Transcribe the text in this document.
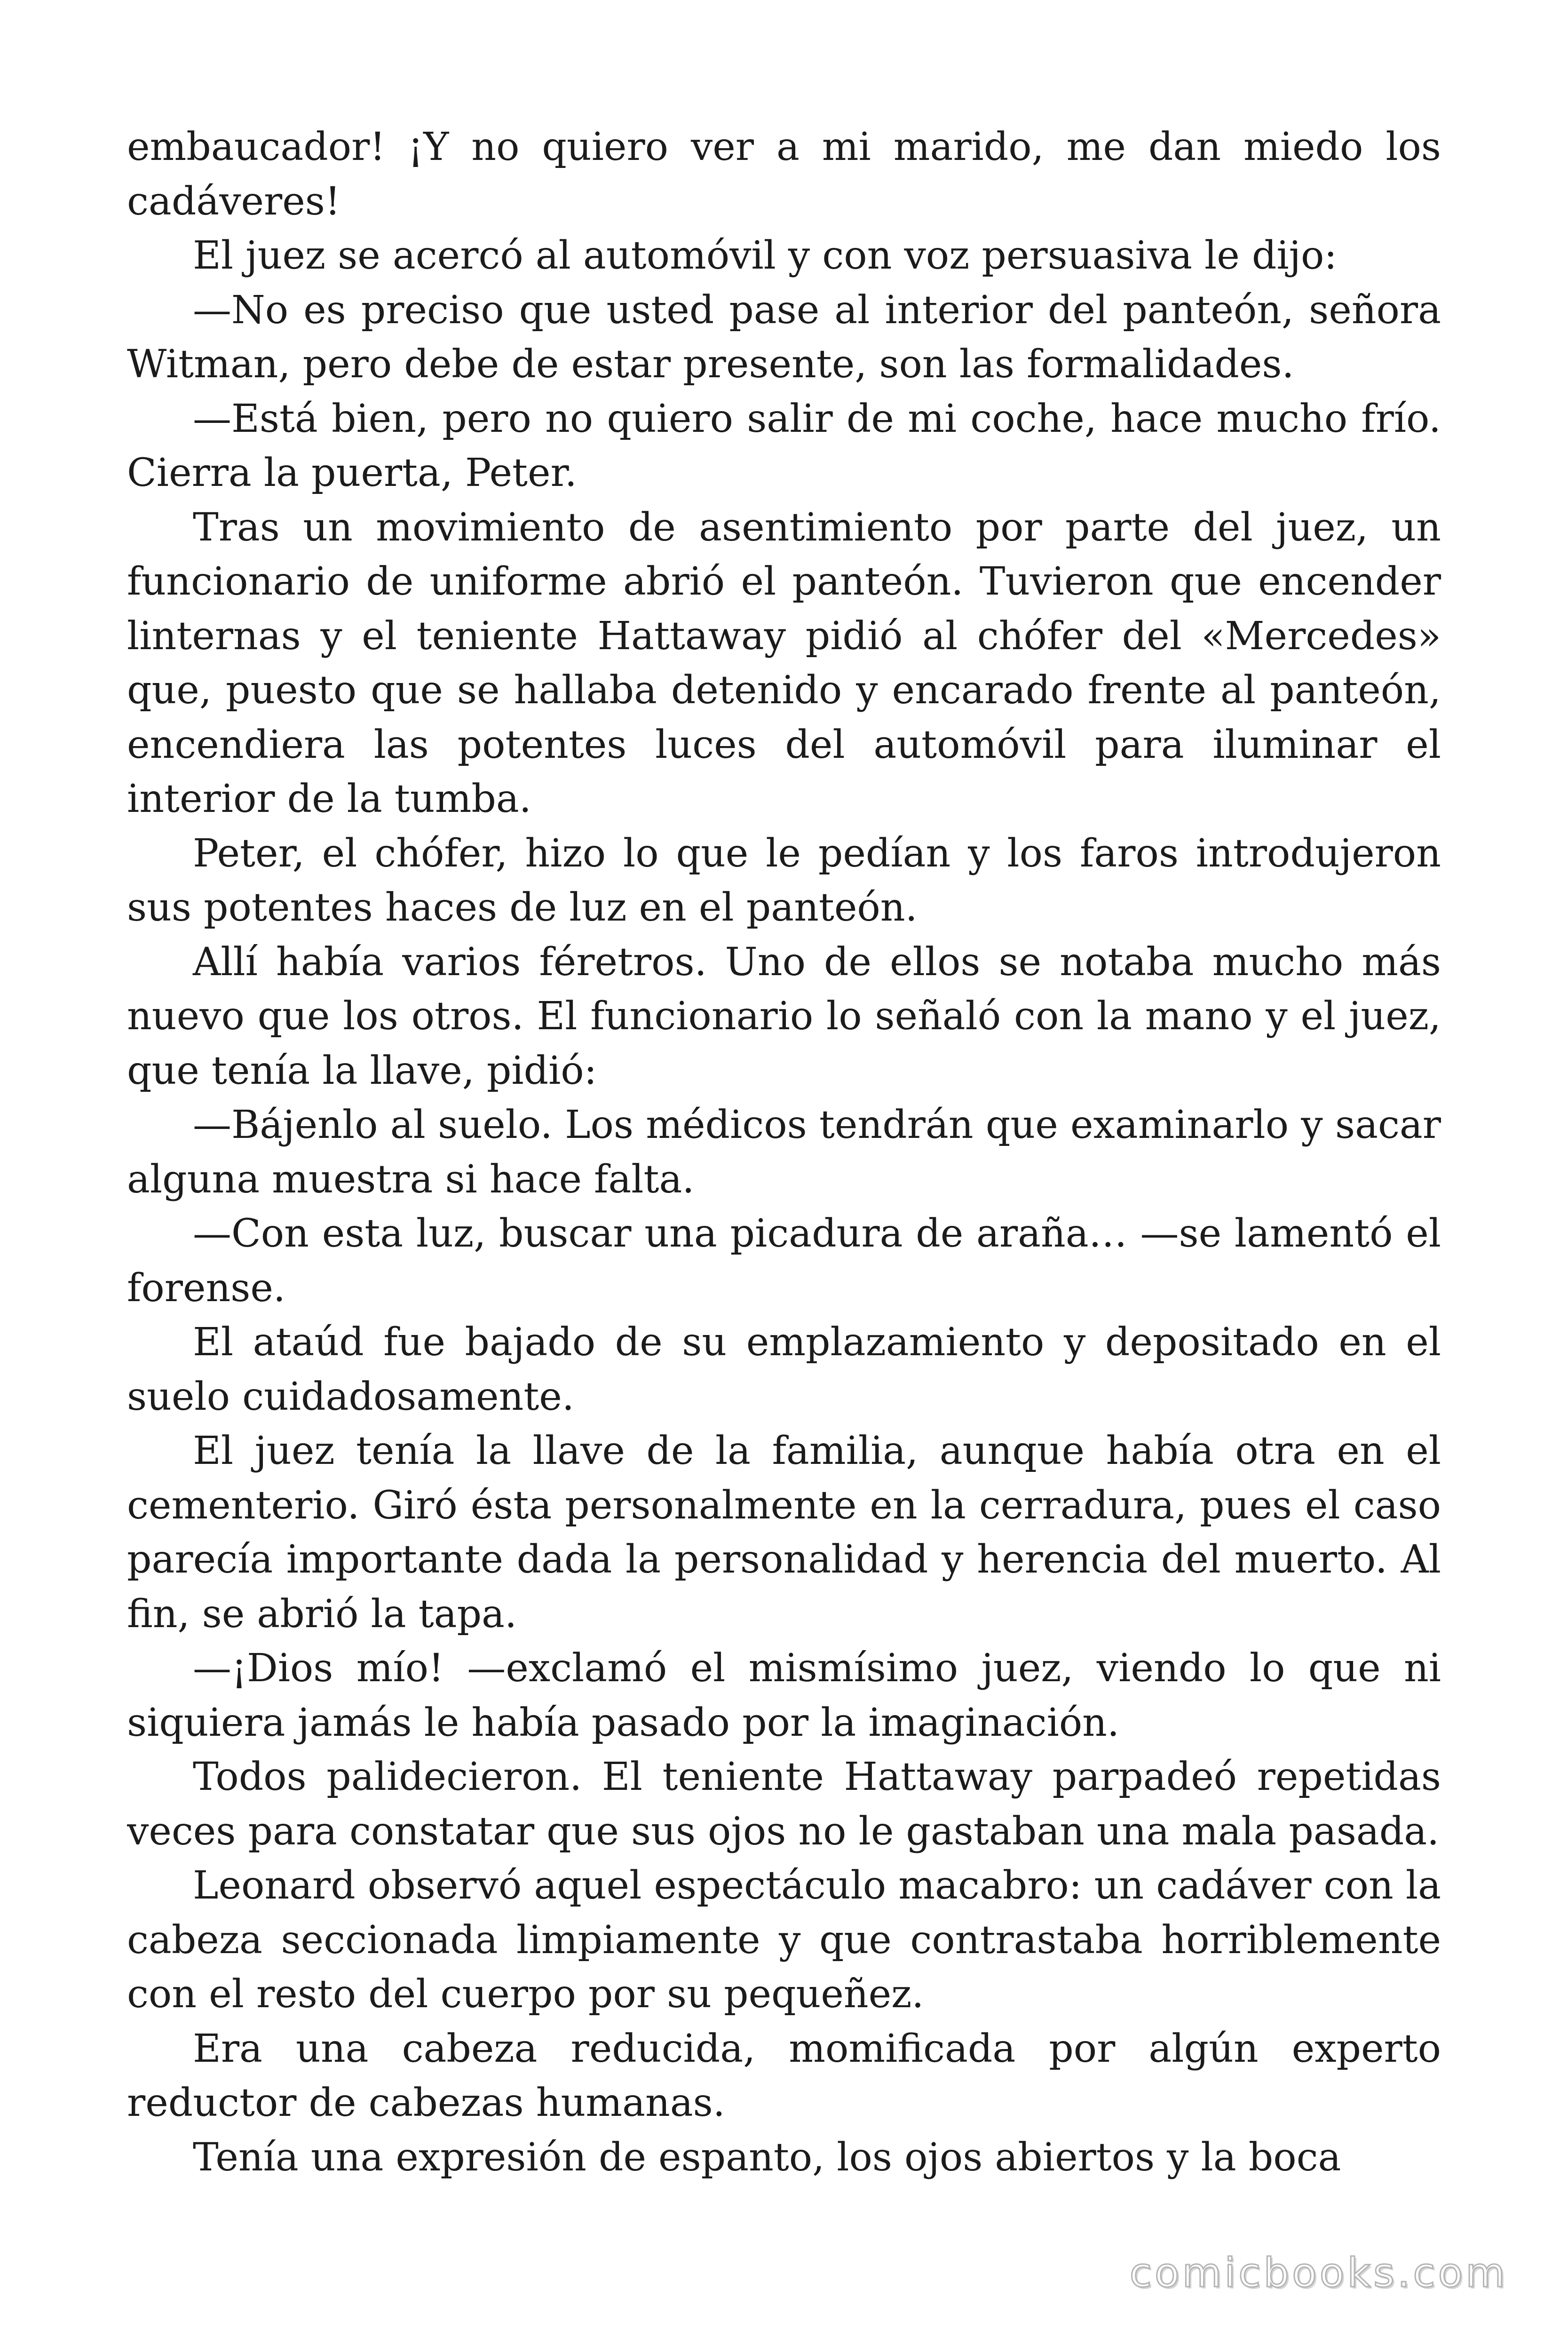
embaucador! ¡Y no quiero ver a mi marido, me dan miedo los cadáveres!

El juez se acercó al automóvil y con voz persuasiva le dijo:

—No es preciso que usted pase al interior del panteón, señora Witman, pero debe de estar presente, son las formalidades.

—Está bien, pero no quiero salir de mi coche, hace mucho frío. Cierra la puerta, Peter.

Tras un movimiento de asentimiento por parte del juez, un funcionario de uniforme abrió el panteón. Tuvieron que encender linternas y el teniente Hattaway pidió al chófer del «Mercedes» que, puesto que se hallaba detenido y encarado frente al panteón, encendiera las potentes luces del automóvil para iluminar el interior de la tumba.

Peter, el chófer, hizo lo que le pedían y los faros introdujeron sus potentes haces de luz en el panteón.

Allí había varios féretros. Uno de ellos se notaba mucho más nuevo que los otros. El funcionario lo señaló con la mano y el juez, que tenía la llave, pidió:

—Bájenlo al suelo. Los médicos tendrán que examinarlo y sacar alguna muestra si hace falta.

—Con esta luz, buscar una picadura de araña… —se lamentó el forense.

El ataúd fue bajado de su emplazamiento y depositado en el suelo cuidadosamente.

El juez tenía la llave de la familia, aunque había otra en el cementerio. Giró ésta personalmente en la cerradura, pues el caso parecía importante dada la personalidad y herencia del muerto. Al fin, se abrió la tapa.

—¡Dios mío! —exclamó el mismísimo juez, viendo lo que ni siquiera jamás le había pasado por la imaginación.

Todos palidecieron. El teniente Hattaway parpadeó repetidas veces para constatar que sus ojos no le gastaban una mala pasada.

Leonard observó aquel espectáculo macabro: un cadáver con la cabeza seccionada limpiamente y que contrastaba horriblemente con el resto del cuerpo por su pequeñez.

Era una cabeza reducida, momificada por algún experto reductor de cabezas humanas.

Tenía una expresión de espanto, los ojos abiertos y la boca

comicbooks.com
